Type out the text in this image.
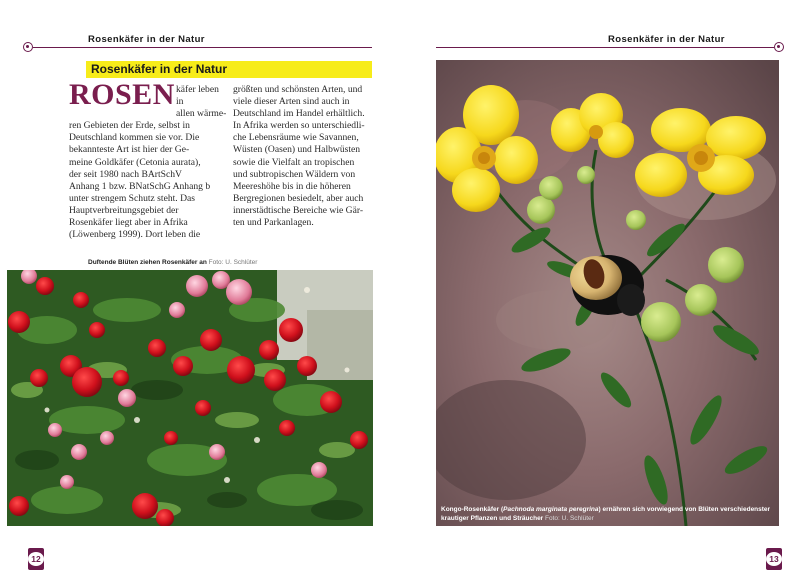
Rosenkäfer in der Natur
Rosenkäfer in der Natur
ROSEN käfer leben in
allen wärme-
ren Gebieten der Erde, selbst in
Deutschland kommen sie vor. Die
bekannteste Art ist hier der Ge-
meine Goldkäfer (Cetonia aurata),
der seit 1980 nach BArtSchV
Anhang 1 bzw. BNatSchG Anhang b
unter strengem Schutz steht. Das
Hauptverbreitungsgebiet der
Rosenkäfer liegt aber in Afrika
(Löwenberg 1999). Dort leben die
größten und schönsten Arten, und
viele dieser Arten sind auch in
Deutschland im Handel erhältlich.
In Afrika werden so unterschiedli-
che Lebensräume wie Savannen,
Wüsten (Oasen) und Halbwüsten
sowie die Vielfalt an tropischen
und subtropischen Wäldern von
Meereshöhe bis in die höheren
Bergregionen besiedelt, aber auch
innerstädtische Bereiche wie Gär-
ten und Parkanlagen.
Duftende Blüten ziehen Rosenkäfer an Foto: U. Schlüter
12
Rosenkäfer in der Natur
Kongo-Rosenkäfer (Pachnoda marginata peregrina) ernähren sich vorwiegend von Blüten verschiedenster
krautiger Pflanzen und Sträucher Foto: U. Schlüter
13
